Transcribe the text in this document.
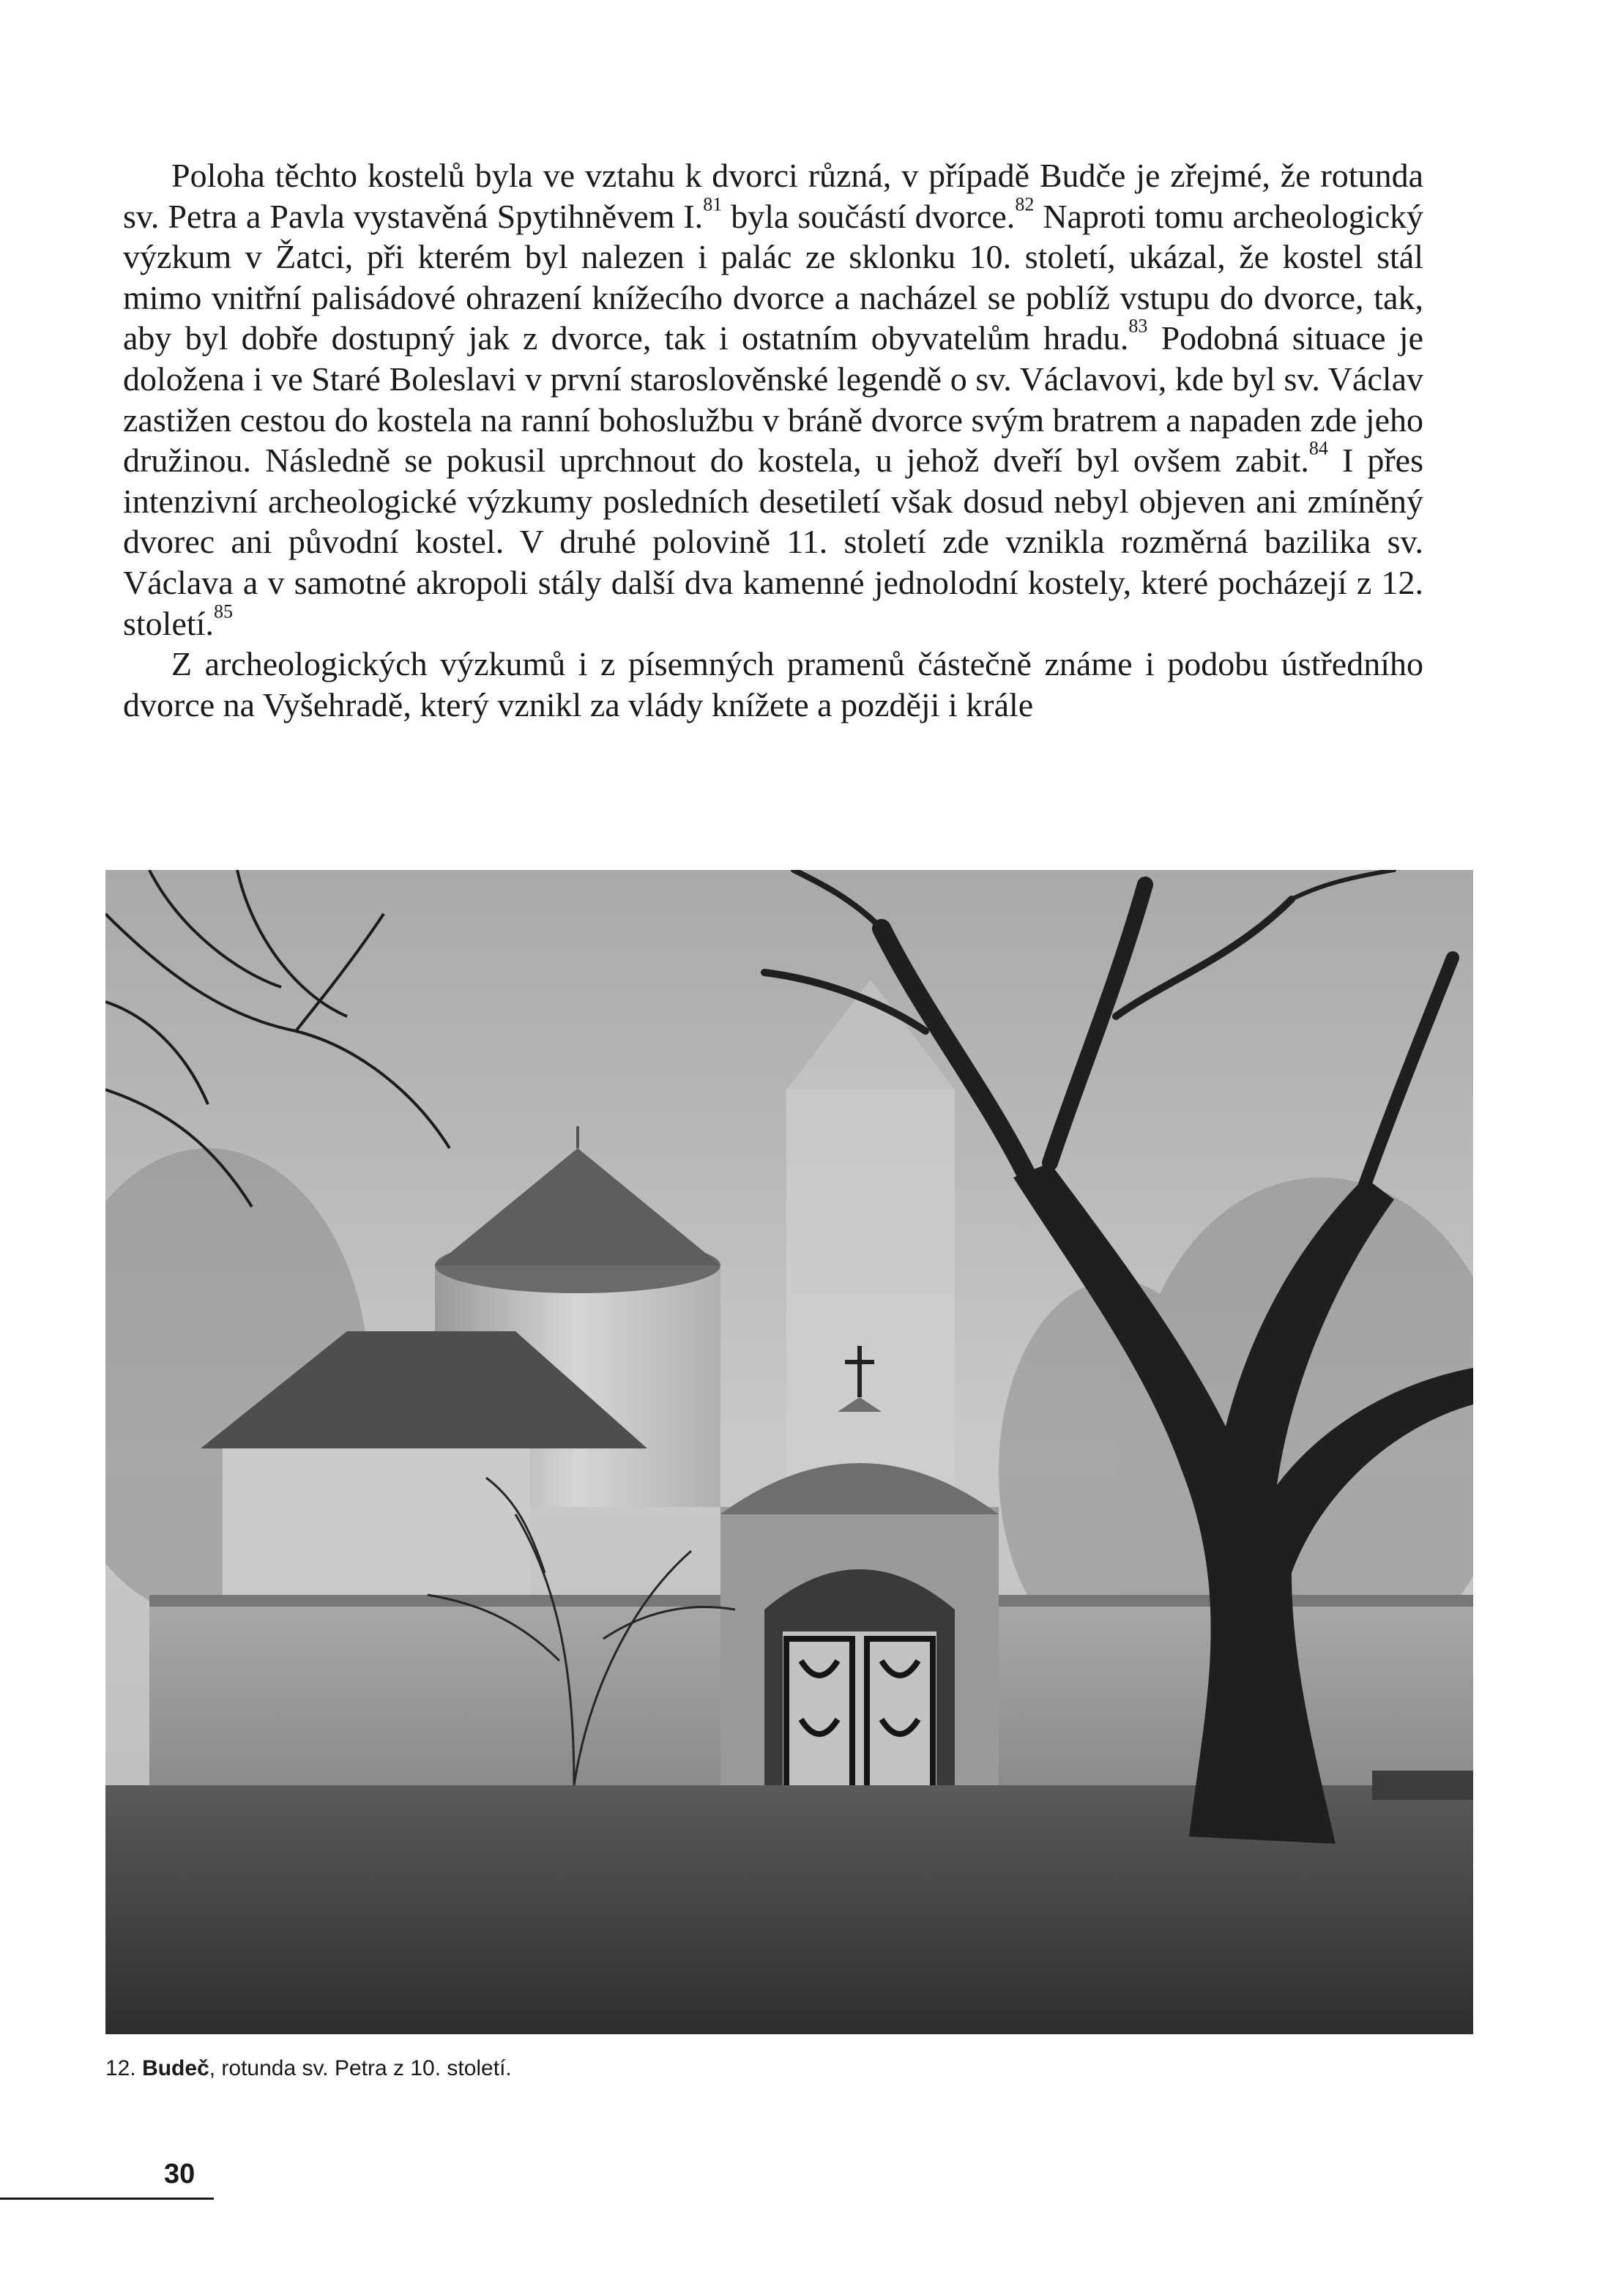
Poloha těchto kostelů byla ve vztahu k dvorci různá, v případě Budče je zřejmé, že rotunda sv. Petra a Pavla vystavěná Spytihněvem I.$^{81}$ byla součástí dvorce.$^{82}$ Naproti tomu archeologický výzkum v Žatci, při kterém byl nalezen i palác ze sklonku 10. století, ukázal, že kostel stál mimo vnitřní palisádové ohrazení knížecího dvorce a nacházel se poblíž vstupu do dvorce, tak, aby byl dobře dostupný jak z dvorce, tak i ostatním obyvatelům hradu.$^{83}$ Podobná situace je doložena i ve Staré Boleslavi v první staroslověnské legendě o sv. Václavovi, kde byl sv. Václav zastižen cestou do kostela na ranní bohoslužbu v bráně dvorce svým bratrem a napaden zde jeho družinou. Následně se pokusil uprchnout do kostela, u jehož dveří byl ovšem zabit.$^{84}$ I přes intenzivní archeologické výzkumy posledních desetiletí však dosud nebyl objeven ani zmíněný dvorec ani původní kostel. V druhé polovině 11. století zde vznikla rozměrná bazilika sv. Václava a v samotné akropoli stály další dva kamenné jednolodní kostely, které pocházejí z 12. století.$^{85}$

Z archeologických výzkumů i z písemných pramenů částečně známe i podobu ústředního dvorce na Vyšehradě, který vznikl za vlády knížete a později i krále

12. Budeč, rotunda sv. Petra z 10. století.
30
